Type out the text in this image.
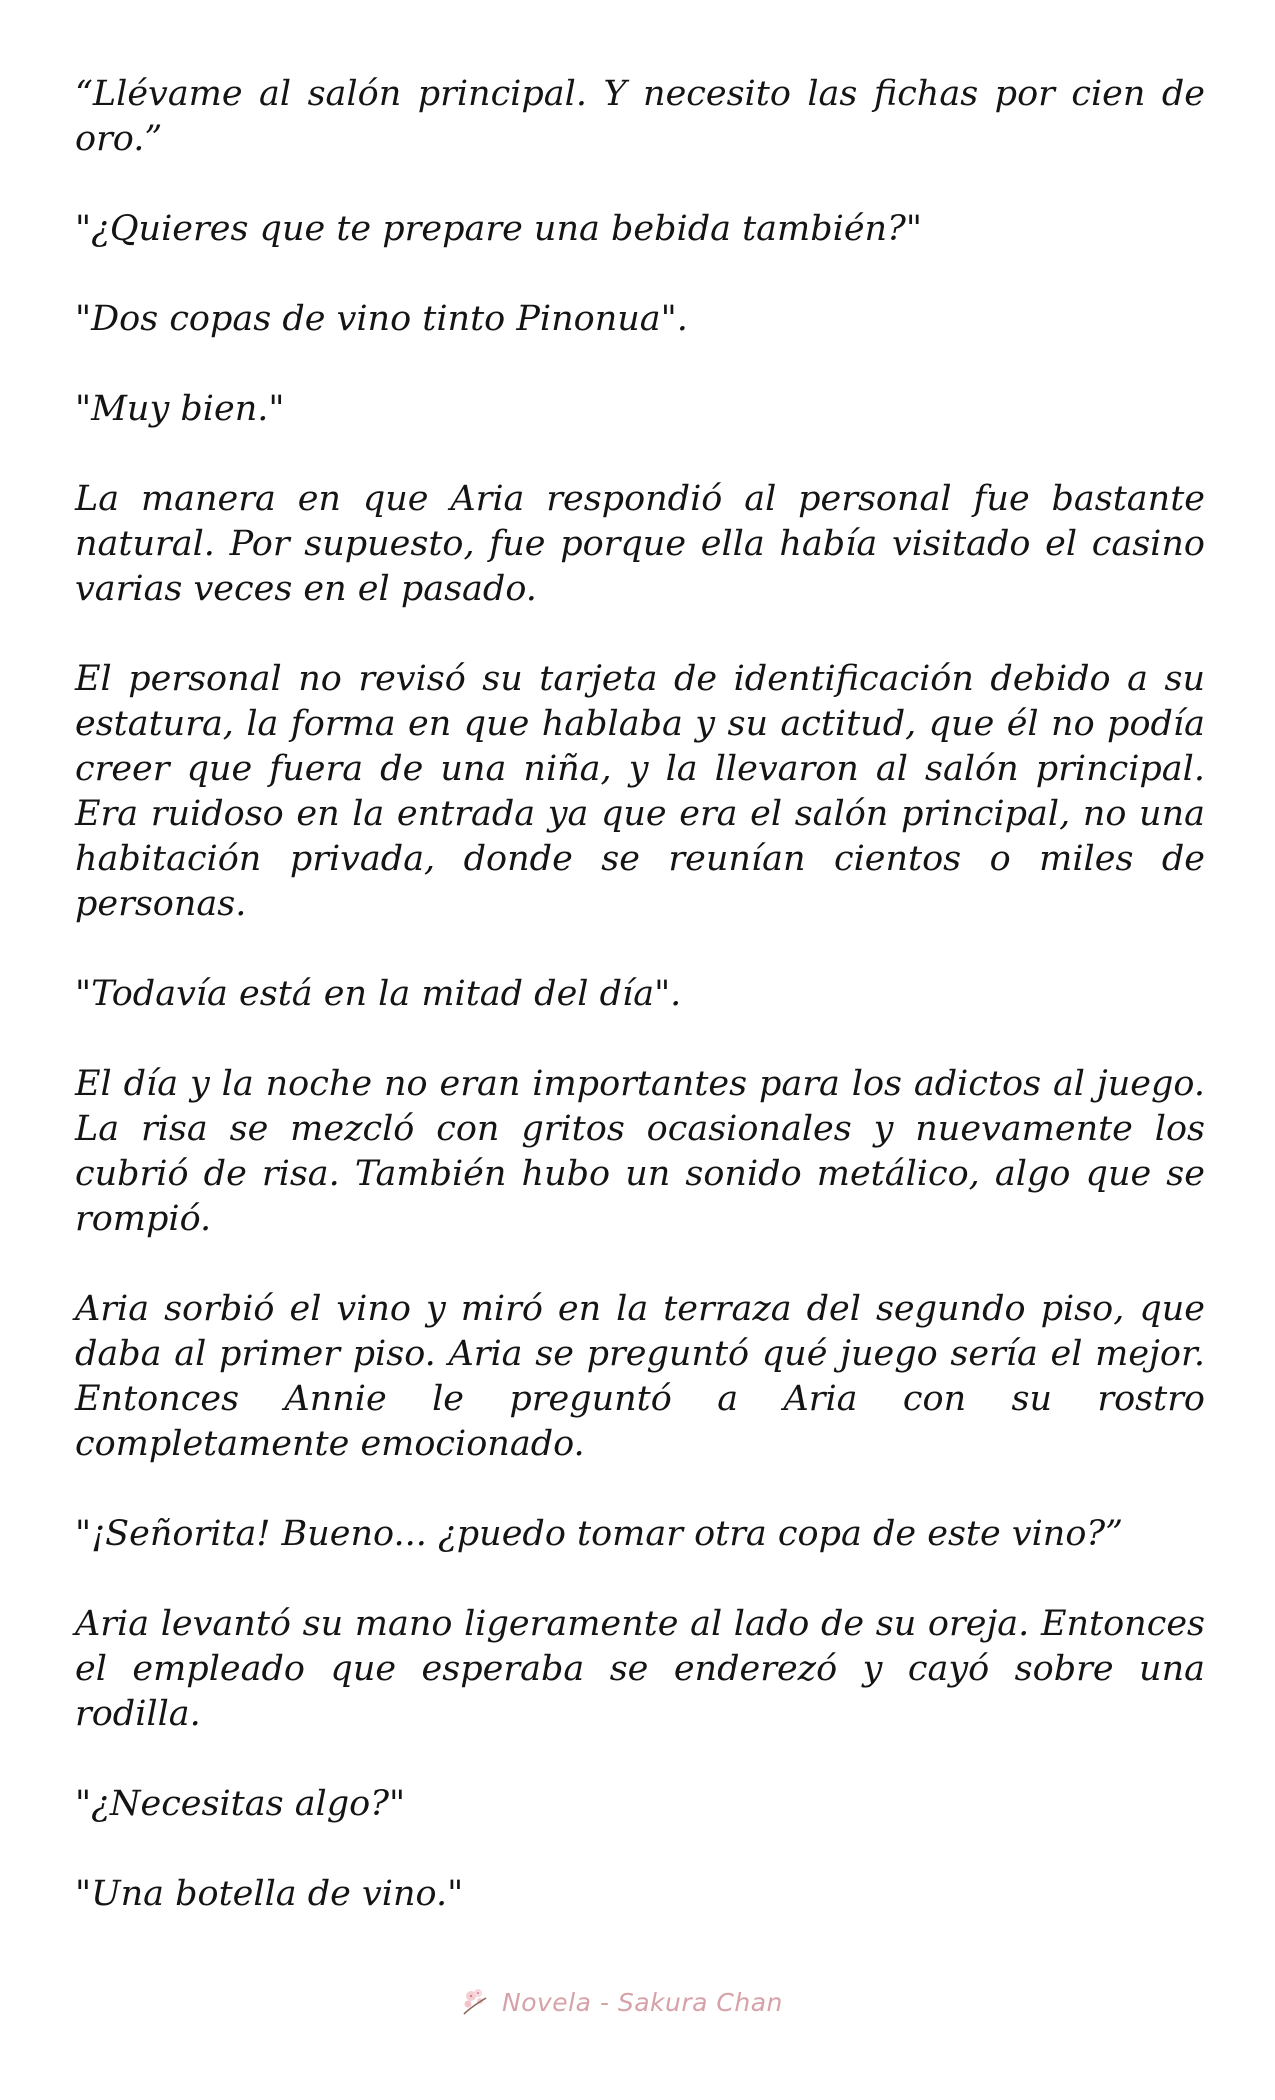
“Llévame al salón principal. Y necesito las fichas por cien de oro.”

"¿Quieres que te prepare una bebida también?"

"Dos copas de vino tinto Pinonua".

"Muy bien."

La manera en que Aria respondió al personal fue bastante natural. Por supuesto, fue porque ella había visitado el casino varias veces en el pasado.

El personal no revisó su tarjeta de identificación debido a su estatura, la forma en que hablaba y su actitud, que él no podía creer que fuera de una niña, y la llevaron al salón principal. Era ruidoso en la entrada ya que era el salón principal, no una habitación privada, donde se reunían cientos o miles de personas.

"Todavía está en la mitad del día".

El día y la noche no eran importantes para los adictos al juego. La risa se mezcló con gritos ocasionales y nuevamente los cubrió de risa. También hubo un sonido metálico, algo que se rompió.

Aria sorbió el vino y miró en la terraza del segundo piso, que daba al primer piso. Aria se preguntó qué juego sería el mejor. Entonces Annie le preguntó a Aria con su rostro completamente emocionado.

"¡Señorita! Bueno... ¿puedo tomar otra copa de este vino?”

Aria levantó su mano ligeramente al lado de su oreja. Entonces el empleado que esperaba se enderezó y cayó sobre una rodilla.

"¿Necesitas algo?"

"Una botella de vino."

Novela - Sakura Chan
